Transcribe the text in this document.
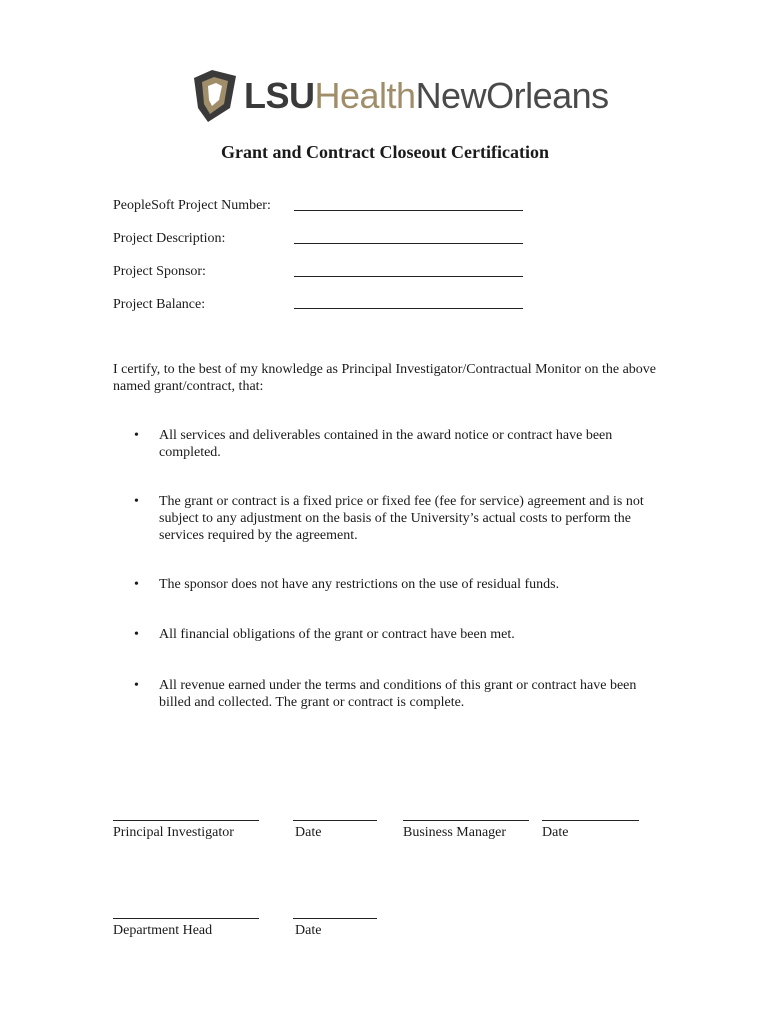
LSUHealthNewOrleans
Grant and Contract Closeout Certification
PeopleSoft Project Number:
Project Description:
Project Sponsor:
Project Balance:
I certify, to the best of my knowledge as Principal Investigator/Contractual Monitor on the above named grant/contract, that:
• All services and deliverables contained in the award notice or contract have been completed.
• The grant or contract is a fixed price or fixed fee (fee for service) agreement and is not subject to any adjustment on the basis of the University’s actual costs to perform the services required by the agreement.
• The sponsor does not have any restrictions on the use of residual funds.
• All financial obligations of the grant or contract have been met.
• All revenue earned under the terms and conditions of this grant or contract have been billed and collected. The grant or contract is complete.
Principal Investigator	Date	Business Manager	Date
Department Head	Date
